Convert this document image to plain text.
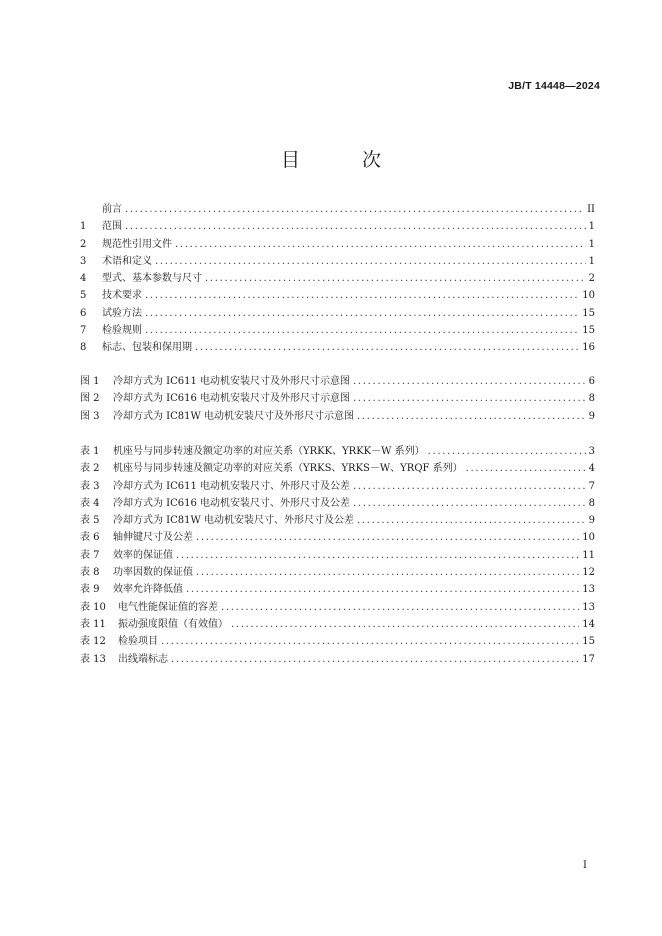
JB/T 14448—2024
目 次
前言 .....	II
1	范围 .....	1
2	规范性引用文件 .....	1
3	术语和定义 .....	1
4	型式、基本参数与尺寸 .....	2
5	技术要求 .....	10
6	试验方法 .....	15
7	检验规则 .....	15
8	标志、包装和保用期 .....	16
图 1	冷却方式为 IC611 电动机安装尺寸及外形尺寸示意图 .....	6
图 2	冷却方式为 IC616 电动机安装尺寸及外形尺寸示意图 .....	8
图 3	冷却方式为 IC81W 电动机安装尺寸及外形尺寸示意图 .....	9
表 1	机座号与同步转速及额定功率的对应关系（YRKK、YRKK－W 系列） .....	3
表 2	机座号与同步转速及额定功率的对应关系（YRKS、YRKS－W、YRQF 系列） .....	4
表 3	冷却方式为 IC611 电动机安装尺寸、外形尺寸及公差 .....	7
表 4	冷却方式为 IC616 电动机安装尺寸、外形尺寸及公差 .....	8
表 5	冷却方式为 IC81W 电动机安装尺寸、外形尺寸及公差 .....	9
表 6	轴伸键尺寸及公差 .....	10
表 7	效率的保证值 .....	11
表 8	功率因数的保证值 .....	12
表 9	效率允许降低值 .....	13
表 10	电气性能保证值的容差 .....	13
表 11	振动强度限值（有效值） .....	14
表 12	检验项目 .....	15
表 13	出线端标志 .....	17
I
